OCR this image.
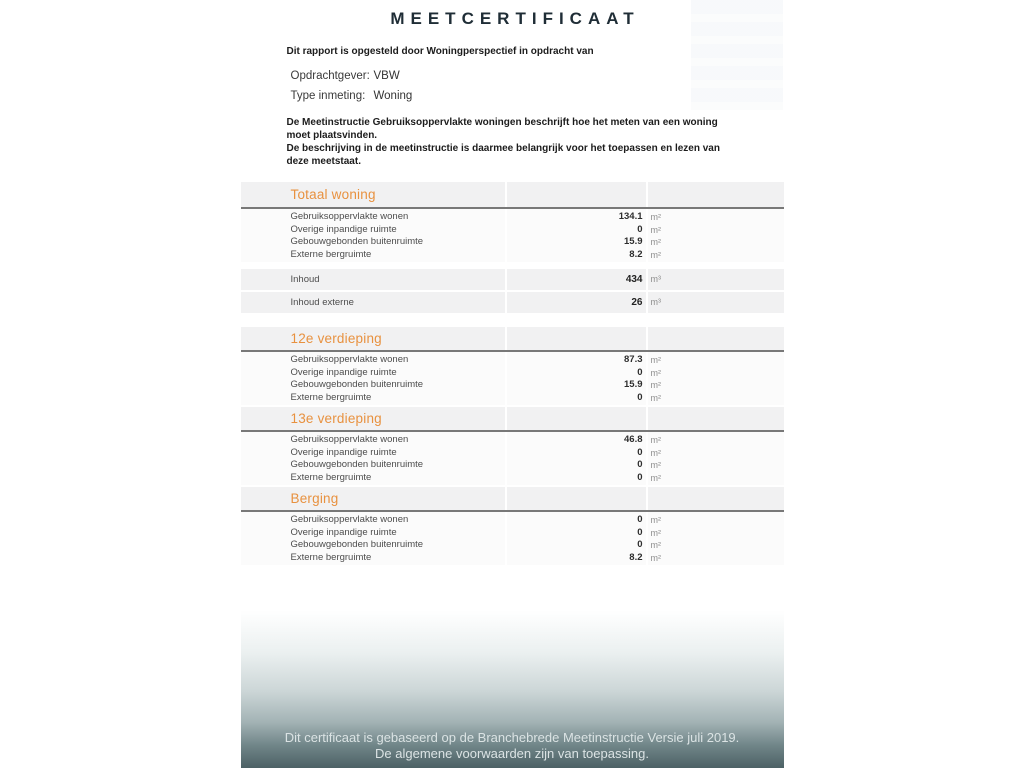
MEETCERTIFICAAT
Dit rapport is opgesteld door Woningperspectief in opdracht van
Opdrachtgever: VBW
Type inmeting: Woning
De Meetinstructie Gebruiksoppervlakte woningen beschrijft hoe het meten van een woning moet plaatsvinden.
De beschrijving in de meetinstructie is daarmee belangrijk voor het toepassen en lezen van deze meetstaat.
Totaal woning
Gebruiksoppervlakte wonen
Overige inpandige ruimte
Gebouwgebonden buitenruimte
Externe bergruimte
134.1
0
15.9
8.2
m²
m²
m²
m²
Inhoud	434 m³
Inhoud externe	26 m³
12e verdieping
Gebruiksoppervlakte wonen
Overige inpandige ruimte
Gebouwgebonden buitenruimte
Externe bergruimte
87.3
0
15.9
0
m²
m²
m²
m²
13e verdieping
Gebruiksoppervlakte wonen
Overige inpandige ruimte
Gebouwgebonden buitenruimte
Externe bergruimte
46.8
0
0
0
m²
m²
m²
m²
Berging
Gebruiksoppervlakte wonen
Overige inpandige ruimte
Gebouwgebonden buitenruimte
Externe bergruimte
0
0
0
8.2
m²
m²
m²
m²
Dit certificaat is gebaseerd op de Branchebrede Meetinstructie Versie juli 2019.
De algemene voorwaarden zijn van toepassing.
